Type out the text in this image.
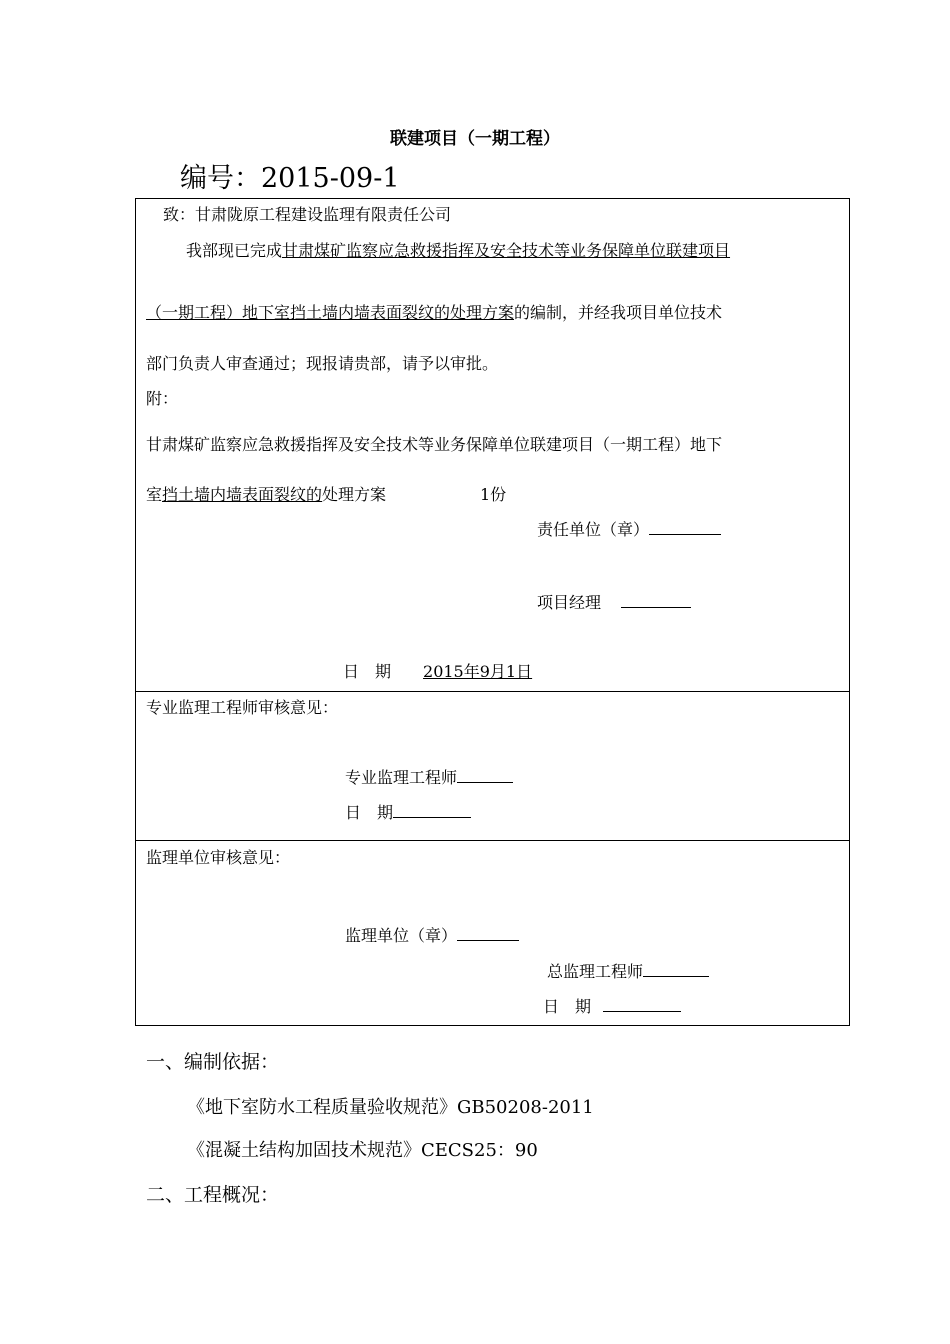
联建项目（一期工程）
编号：2015-09-1
致：甘肃陇原工程建设监理有限责任公司
我部现已完成甘肃煤矿监察应急救援指挥及安全技术等业务保障单位联建项目
（一期工程）地下室挡土墙内墙表面裂纹的处理方案的编制，并经我项目单位技术
部门负责人审查通过；现报请贵部，请予以审批。
附：
甘肃煤矿监察应急救援指挥及安全技术等业务保障单位联建项目（一期工程）地下
室挡土墙内墙表面裂纹的处理方案	1份
责任单位（章）
项目经理
日　期 2015年9月1日
专业监理工程师审核意见：
专业监理工程师
日　期
监理单位审核意见：
监理单位（章）
总监理工程师
日　期
一、编制依据：
《地下室防水工程质量验收规范》GB50208-2011
《混凝土结构加固技术规范》CECS25：90
二、工程概况：
